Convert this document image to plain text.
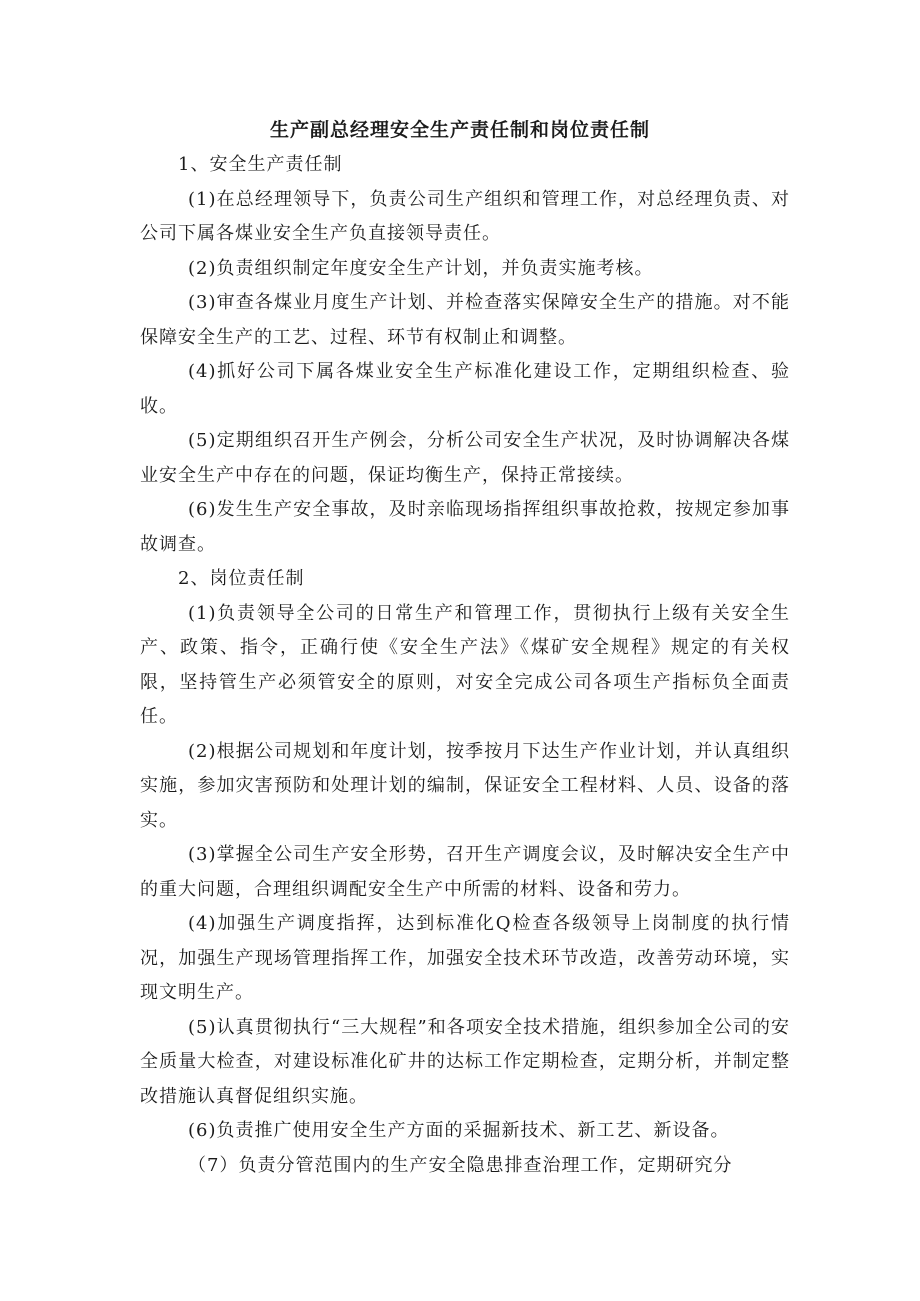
生产副总经理安全生产责任制和岗位责任制
1、安全生产责任制

(1)在总经理领导下，负责公司生产组织和管理工作，对总经理负责、对公司下属各煤业安全生产负直接领导责任。

(2)负责组织制定年度安全生产计划，并负责实施考核。

(3)审查各煤业月度生产计划、并检查落实保障安全生产的措施。对不能保障安全生产的工艺、过程、环节有权制止和调整。

(4)抓好公司下属各煤业安全生产标准化建设工作，定期组织检查、验收。

(5)定期组织召开生产例会，分析公司安全生产状况，及时协调解决各煤业安全生产中存在的问题，保证均衡生产，保持正常接续。

(6)发生生产安全事故，及时亲临现场指挥组织事故抢救，按规定参加事故调查。

2、岗位责任制

(1)负责领导全公司的日常生产和管理工作，贯彻执行上级有关安全生产、政策、指令，正确行使《安全生产法》《煤矿安全规程》规定的有关权限，坚持管生产必须管安全的原则，对安全完成公司各项生产指标负全面责任。

(2)根据公司规划和年度计划，按季按月下达生产作业计划，并认真组织实施，参加灾害预防和处理计划的编制，保证安全工程材料、人员、设备的落实。

(3)掌握全公司生产安全形势，召开生产调度会议，及时解决安全生产中的重大问题，合理组织调配安全生产中所需的材料、设备和劳力。

(4)加强生产调度指挥，达到标准化Q检查各级领导上岗制度的执行情况，加强生产现场管理指挥工作，加强安全技术环节改造，改善劳动环境，实现文明生产。

(5)认真贯彻执行“三大规程”和各项安全技术措施，组织参加全公司的安全质量大检查，对建设标准化矿井的达标工作定期检查，定期分析，并制定整改措施认真督促组织实施。

(6)负责推广使用安全生产方面的采掘新技术、新工艺、新设备。

（7）负责分管范围内的生产安全隐患排查治理工作，定期研究分
